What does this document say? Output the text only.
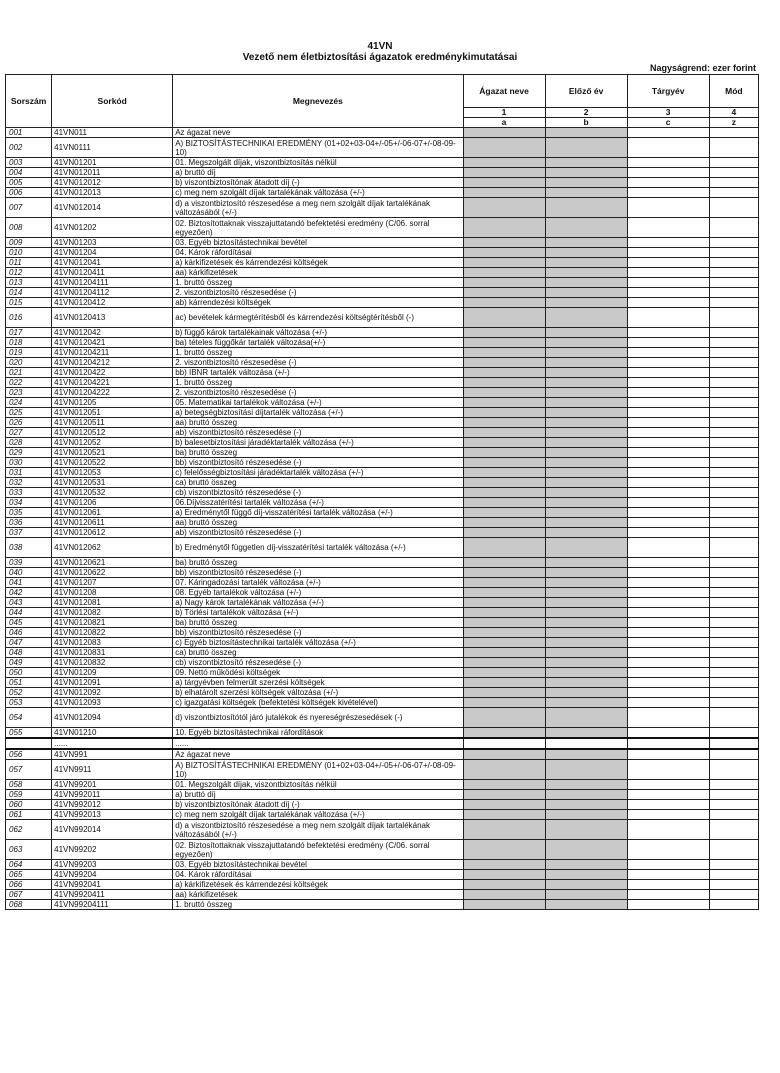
41VN
Vezető nem életbiztosítási ágazatok eredménykimutatásai
Nagyságrend: ezer forint
Sorszám	Sorkód	Megnevezés	Ágazat neve	Előző év	Tárgyév	Mód
			1	2	3	4
			a	b	c	z
001	41VN011	Az ágazat neve				
002	41VN0111	A) BIZTOSÍTÁSTECHNIKAI EREDMÉNY (01+02+03-04+/-05+/-06-07+/-08-09-10)				
003	41VN01201	01. Megszolgált díjak, viszontbiztosítás nélkül				
004	41VN012011	a) bruttó díj				
005	41VN012012	b) viszontbiztosítónak átadott díj (-)				
006	41VN012013	c) meg nem szolgált díjak tartalékának változása (+/-)				
007	41VN012014	d) a viszontbiztosító részesedése a meg nem szolgált díjak tartalékának változásából (+/-)				
008	41VN01202	02. Biztosítottaknak visszajuttatandó befektetési eredmény (C/06. sorral egyezően)				
009	41VN01203	03. Egyéb biztosítástechnikai bevétel				
010	41VN01204	04. Károk ráfordításai				
011	41VN012041	a) kárkifizetések és kárrendezési költségek				
012	41VN0120411	aa) kárkifizetések				
013	41VN01204111	1. bruttó összeg				
014	41VN01204112	2. viszontbiztosító részesedése (-)				
015	41VN0120412	ab) kárrendezési költségek				
016	41VN0120413	ac) bevételek kármegtérítésből és kárrendezési költségtérítésből (-)				
017	41VN012042	b) függő károk tartalékainak változása (+/-)				
018	41VN0120421	ba) tételes függőkár tartalék változása(+/-)				
019	41VN01204211	1. bruttó összeg				
020	41VN01204212	2. viszontbiztosító részesedése (-)				
021	41VN0120422	bb) IBNR tartalék változása (+/-)				
022	41VN01204221	1. bruttó összeg				
023	41VN01204222	2. viszontbiztosító részesedése (-)				
024	41VN01205	05. Matematikai tartalékok változása (+/-)				
025	41VN012051	a) betegségbiztosítási díjtartalék változása (+/-)				
026	41VN0120511	aa) bruttó összeg				
027	41VN0120512	ab) viszontbiztosító részesedése (-)				
028	41VN012052	b) balesetbiztosítási járadéktartalék változása (+/-)				
029	41VN0120521	ba) bruttó összeg				
030	41VN0120522	bb) viszontbiztosító részesedése (-)				
031	41VN012053	c) felelősségbiztosítási járadéktartalék változása (+/-)				
032	41VN0120531	ca) bruttó összeg				
033	41VN0120532	cb) viszontbiztosító részesedése (-)				
034	41VN01206	06.Díjvisszatérítési tartalék változása (+/-)				
035	41VN012061	a) Eredménytől függő díj-visszatérítési tartalék változása (+/-)				
036	41VN0120611	aa) bruttó összeg				
037	41VN0120612	ab) viszontbiztosító részesedése (-)				
038	41VN012062	b) Eredménytől független díj-visszatérítési tartalék változása (+/-)				
039	41VN0120621	ba) bruttó összeg				
040	41VN0120622	bb) viszontbiztosító részesedése (-)				
041	41VN01207	07. Káringadozási tartalék változása (+/-)				
042	41VN01208	08. Egyéb tartalékok változása (+/-)				
043	41VN012081	a) Nagy károk tartalékának változása (+/-)				
044	41VN012082	b) Törlési tartalékok változása (+/-)				
045	41VN0120821	ba) bruttó összeg				
046	41VN0120822	bb) viszontbiztosító részesedése (-)				
047	41VN012083	c) Egyéb biztosítástechnikai tartalék változása (+/-)				
048	41VN0120831	ca) bruttó összeg				
049	41VN0120832	cb) viszontbiztosító részesedése (-)				
050	41VN01209	09. Nettó működési költségek				
051	41VN012091	a) tárgyévben felmerült szerzési költségek				
052	41VN012092	b) elhatárolt szerzési költségek változása (+/-)				
053	41VN012093	c) igazgatási költségek (befektetési költségek kivételével)				
054	41VN012094	d) viszontbiztosítótól járó jutalékok és nyereségrészesedések (-)				
055	41VN01210	10. Egyéb biztosítástechnikai ráfordítások				
	......	......				
056	41VN991	Az ágazat neve				
057	41VN9911	A) BIZTOSÍTÁSTECHNIKAI EREDMÉNY (01+02+03-04+/-05+/-06-07+/-08-09-10)				
058	41VN99201	01. Megszolgált díjak, viszontbiztosítás nélkül				
059	41VN992011	a) bruttó díj				
060	41VN992012	b) viszontbiztosítónak átadott díj (-)				
061	41VN992013	c) meg nem szolgált díjak tartalékának változása (+/-)				
062	41VN992014	d) a viszontbiztosító részesedése a meg nem szolgált díjak tartalékának változásából (+/-)				
063	41VN99202	02. Biztosítottaknak visszajuttatandó befektetési eredmény (C/06. sorral egyezően)				
064	41VN99203	03. Egyéb biztosítástechnikai bevétel				
065	41VN99204	04. Károk ráfordításai				
066	41VN992041	a) kárkifizetések és kárrendezési költségek				
067	41VN9920411	aa) kárkifizetések				
068	41VN99204111	1. bruttó összeg				
